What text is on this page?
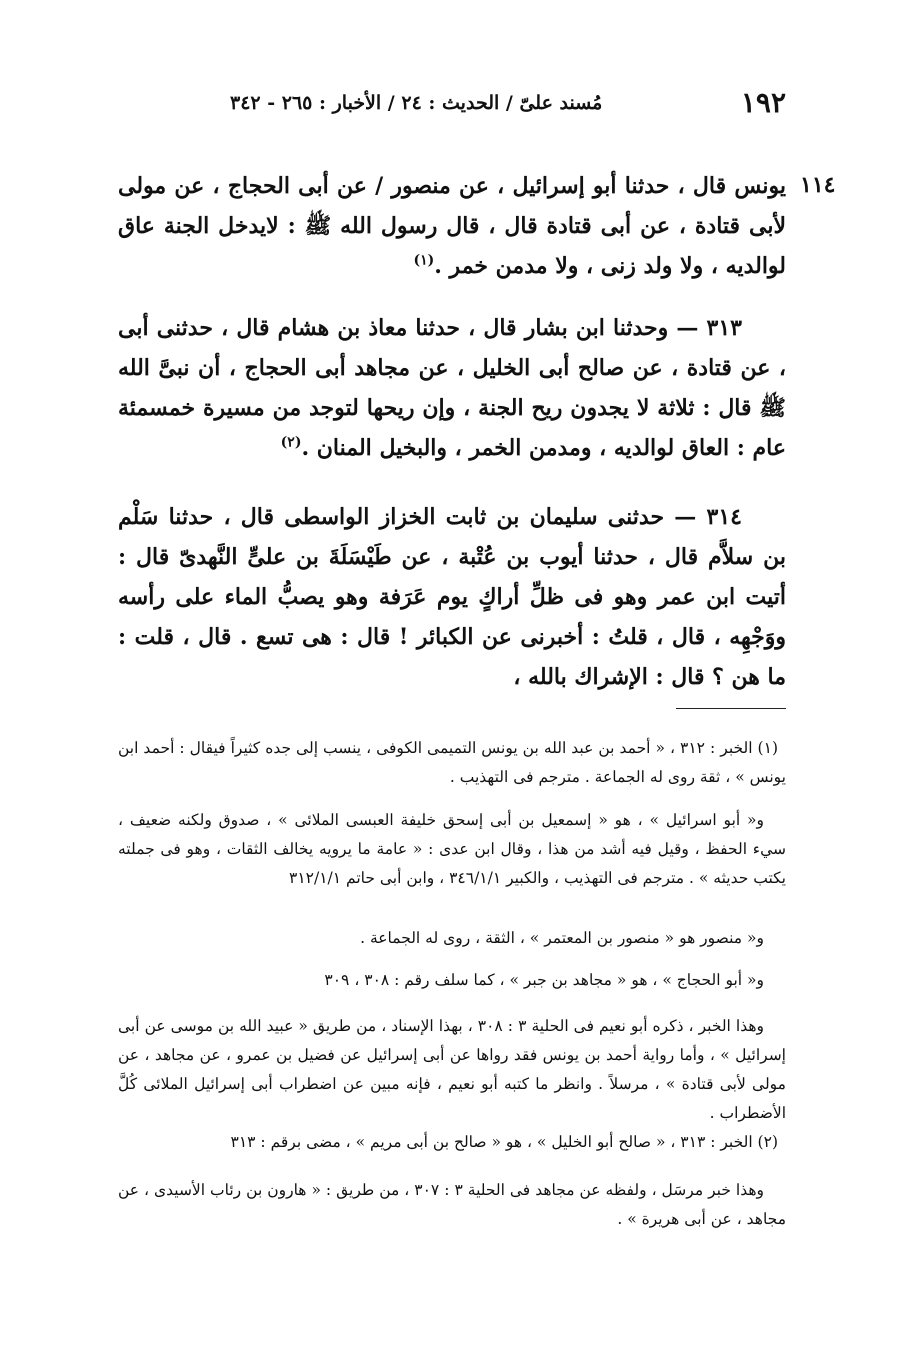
١٩٢
مُسند علىّ / الحديث : ٢٤ / الأخبار : ٢٦٥ - ٣٤٢
١١٤

يونس قال ، حدثنا أبو إسرائيل ، عن منصور / عن أبى الحجاج ، عن مولى لأبى قتادة ، عن أبى قتادة قال ، قال رسول الله ﷺ : لايدخل الجنة عاق لوالديه ، ولا ولد زنى ، ولا مدمن خمر .$^{(١)}$

٣١٣ — وحدثنا ابن بشار قال ، حدثنا معاذ بن هشام قال ، حدثنى أبى ، عن قتادة ، عن صالح أبى الخليل ، عن مجاهد أبى الحجاج ، أن نبىَّ الله ﷺ قال : ثلاثة لا يجدون ريح الجنة ، وإن ريحها لتوجد من مسيرة خمسمئة عام : العاق لوالديه ، ومدمن الخمر ، والبخيل المنان .$^{(٢)}$

٣١٤ — حدثنى سليمان بن ثابت الخزاز الواسطى قال ، حدثنا سَلْم بن سلاَّم قال ، حدثنا أيوب بن عُتْبة ، عن طَيْسَلَةَ بن علىٍّ النَّهدىّ قال : أتيت ابن عمر وهو فى ظلِّ أراكٍ يوم عَرَفة وهو يصبُّ الماء على رأسه ووَجْهِه ، قال ، قلتُ : أخبرنى عن الكبائر ! قال : هى تسع . قال ، قلت : ما هن ؟ قال : الإشراك بالله ،

(١) الخبر : ٣١٢ ، « أحمد بن عبد الله بن يونس التميمى الكوفى ، ينسب إلى جده كثيراً فيقال : أحمد ابن يونس » ، ثقة روى له الجماعة . مترجم فى التهذيب .

و« أبو اسرائيل » ، هو « إسمعيل بن أبى إسحق خليفة العبسى الملائى » ، صدوق ولكنه ضعيف ، سيء الحفظ ، وقيل فيه أشد من هذا ، وقال ابن عدى : « عامة ما يرويه يخالف الثقات ، وهو فى جملته يكتب حديثه » . مترجم فى التهذيب ، والكبير ٣٤٦/١/١ ، وابن أبى حاتم ٣١٢/١/١

و« منصور هو « منصور بن المعتمر » ، الثقة ، روى له الجماعة .

و« أبو الحجاج » ، هو « مجاهد بن جبر » ، كما سلف رقم : ٣٠٨ ، ٣٠٩

وهذا الخبر ، ذكره أبو نعيم فى الحلية ٣ : ٣٠٨ ، بهذا الإسناد ، من طريق « عبيد الله بن موسى عن أبى إسرائيل » ، وأما رواية أحمد بن يونس فقد رواها عن أبى إسرائيل عن فضيل بن عمرو ، عن مجاهد ، عن مولى لأبى قتادة » ، مرسلاً . وانظر ما كتبه أبو نعيم ، فإنه مبين عن اضطراب أبى إسرائيل الملائى كُلَّ الأضطراب .

(٢) الخبر : ٣١٣ ، « صالح أبو الخليل » ، هو « صالح بن أبى مريم » ، مضى برقم : ٣١٣

وهذا خبر مرسَل ، ولفظه عن مجاهد فى الحلية ٣ : ٣٠٧ ، من طريق : « هارون بن رئاب الأسيدى ، عن مجاهد ، عن أبى هريرة » .
